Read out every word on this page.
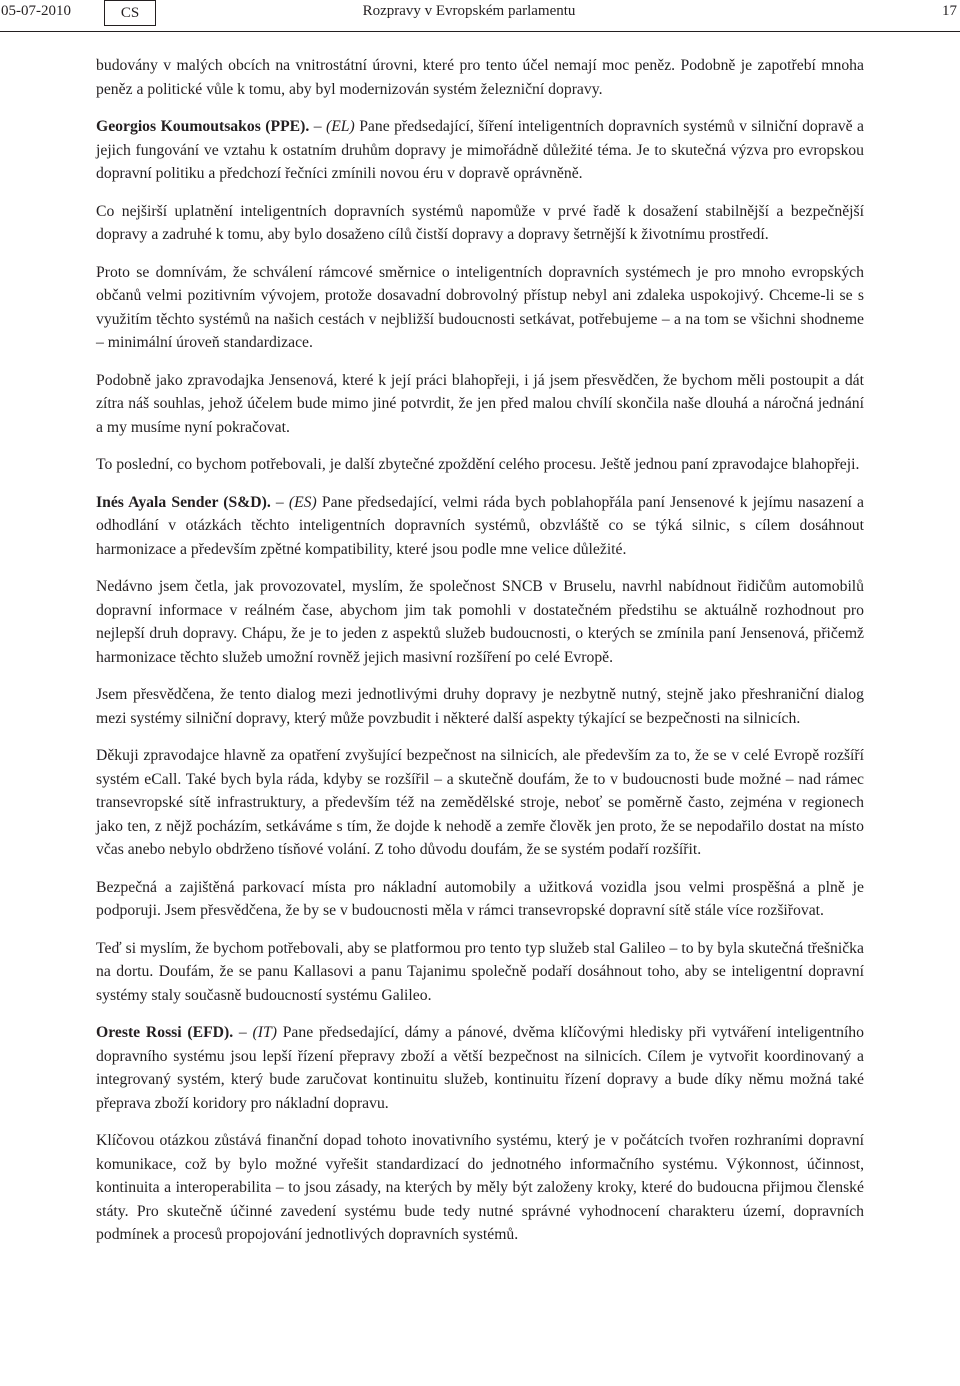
05-07-2010	CS	Rozpravy v Evropském parlamentu	17

budovány v malých obcích na vnitrostátní úrovni, které pro tento účel nemají moc peněz. Podobně je zapotřebí mnoha peněz a politické vůle k tomu, aby byl modernizován systém železniční dopravy.

Georgios Koumoutsakos (PPE). – (EL) Pane předsedající, šíření inteligentních dopravních systémů v silniční dopravě a jejich fungování ve vztahu k ostatním druhům dopravy je mimořádně důležité téma. Je to skutečná výzva pro evropskou dopravní politiku a předchozí řečníci zmínili novou éru v dopravě oprávněně.

Co nejširší uplatnění inteligentních dopravních systémů napomůže v prvé řadě k dosažení stabilnější a bezpečnější dopravy a zadruhé k tomu, aby bylo dosaženo cílů čistší dopravy a dopravy šetrnější k životnímu prostředí.

Proto se domnívám, že schválení rámcové směrnice o inteligentních dopravních systémech je pro mnoho evropských občanů velmi pozitivním vývojem, protože dosavadní dobrovolný přístup nebyl ani zdaleka uspokojivý. Chceme-li se s využitím těchto systémů na našich cestách v nejbližší budoucnosti setkávat, potřebujeme – a na tom se všichni shodneme – minimální úroveň standardizace.

Podobně jako zpravodajka Jensenová, které k její práci blahopřeji, i já jsem přesvědčen, že bychom měli postoupit a dát zítra náš souhlas, jehož účelem bude mimo jiné potvrdit, že jen před malou chvílí skončila naše dlouhá a náročná jednání a my musíme nyní pokračovat.

To poslední, co bychom potřebovali, je další zbytečné zpoždění celého procesu. Ještě jednou paní zpravodajce blahopřeji.

Inés Ayala Sender (S&D). – (ES) Pane předsedající, velmi ráda bych poblahopřála paní Jensenové k jejímu nasazení a odhodlání v otázkách těchto inteligentních dopravních systémů, obzvláště co se týká silnic, s cílem dosáhnout harmonizace a především zpětné kompatibility, které jsou podle mne velice důležité.

Nedávno jsem četla, jak provozovatel, myslím, že společnost SNCB v Bruselu, navrhl nabídnout řidičům automobilů dopravní informace v reálném čase, abychom jim tak pomohli v dostatečném předstihu se aktuálně rozhodnout pro nejlepší druh dopravy. Chápu, že je to jeden z aspektů služeb budoucnosti, o kterých se zmínila paní Jensenová, přičemž harmonizace těchto služeb umožní rovněž jejich masivní rozšíření po celé Evropě.

Jsem přesvědčena, že tento dialog mezi jednotlivými druhy dopravy je nezbytně nutný, stejně jako přeshraniční dialog mezi systémy silniční dopravy, který může povzbudit i některé další aspekty týkající se bezpečnosti na silnicích.

Děkuji zpravodajce hlavně za opatření zvyšující bezpečnost na silnicích, ale především za to, že se v celé Evropě rozšíří systém eCall. Také bych byla ráda, kdyby se rozšířil – a skutečně doufám, že to v budoucnosti bude možné – nad rámec transevropské sítě infrastruktury, a především též na zemědělské stroje, neboť se poměrně často, zejména v regionech jako ten, z nějž pocházím, setkáváme s tím, že dojde k nehodě a zemře člověk jen proto, že se nepodařilo dostat na místo včas anebo nebylo obdrženo tísňové volání. Z toho důvodu doufám, že se systém podaří rozšířit.

Bezpečná a zajištěná parkovací místa pro nákladní automobily a užitková vozidla jsou velmi prospěšná a plně je podporuji. Jsem přesvědčena, že by se v budoucnosti měla v rámci transevropské dopravní sítě stále více rozšiřovat.

Teď si myslím, že bychom potřebovali, aby se platformou pro tento typ služeb stal Galileo – to by byla skutečná třešnička na dortu. Doufám, že se panu Kallasovi a panu Tajanimu společně podaří dosáhnout toho, aby se inteligentní dopravní systémy staly současně budoucností systému Galileo.

Oreste Rossi (EFD). – (IT) Pane předsedající, dámy a pánové, dvěma klíčovými hledisky při vytváření inteligentního dopravního systému jsou lepší řízení přepravy zboží a větší bezpečnost na silnicích. Cílem je vytvořit koordinovaný a integrovaný systém, který bude zaručovat kontinuitu služeb, kontinuitu řízení dopravy a bude díky němu možná také přeprava zboží koridory pro nákladní dopravu.

Klíčovou otázkou zůstává finanční dopad tohoto inovativního systému, který je v počátcích tvořen rozhraními dopravní komunikace, což by bylo možné vyřešit standardizací do jednotného informačního systému. Výkonnost, účinnost, kontinuita a interoperabilita – to jsou zásady, na kterých by měly být založeny kroky, které do budoucna přijmou členské státy. Pro skutečně účinné zavedení systému bude tedy nutné správné vyhodnocení charakteru území, dopravních podmínek a procesů propojování jednotlivých dopravních systémů.
